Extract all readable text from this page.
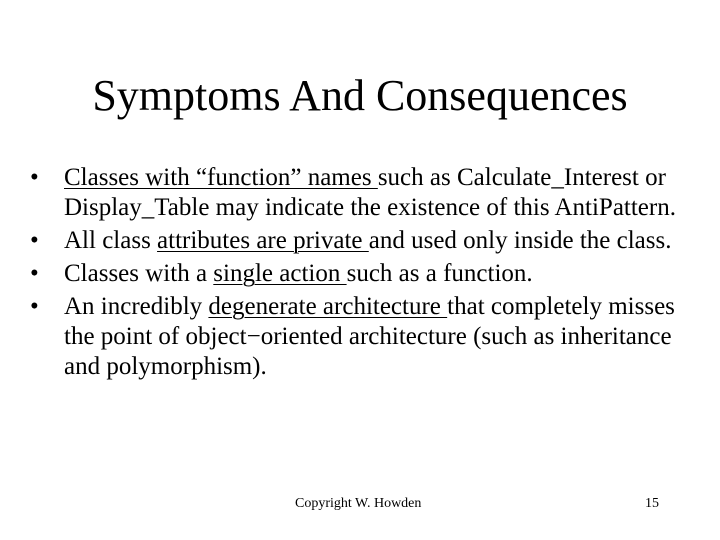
Symptoms And Consequences
•	Classes with “function” names such as Calculate_Interest or Display_Table may indicate the existence of this AntiPattern.
•	All class attributes are private and used only inside the class.
•	Classes with a single action such as a function.
•	An incredibly degenerate architecture that completely misses the point of object−oriented architecture (such as inheritance and polymorphism).
Copyright W. Howden	15
